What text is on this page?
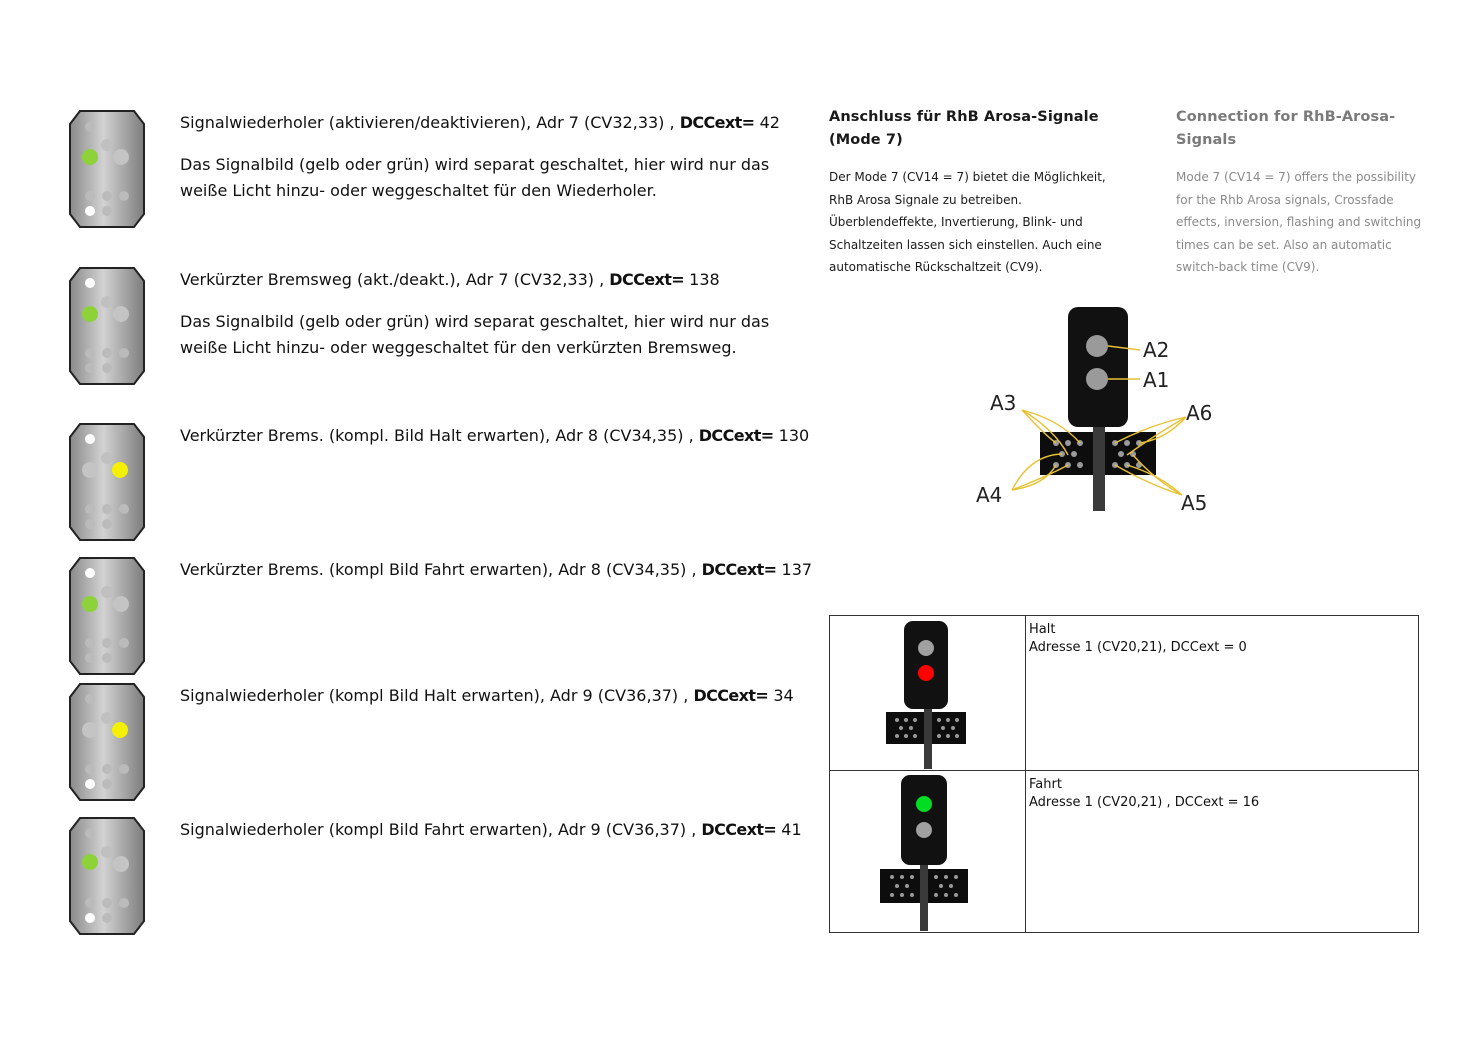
Signalwiederholer (aktivieren/deaktivieren), Adr 7 (CV32,33) , DCCext= 42
Das Signalbild (gelb oder grün) wird separat geschaltet, hier wird nur das weiße Licht hinzu- oder weggeschaltet für den Wiederholer.
Verkürzter Bremsweg (akt./deakt.), Adr 7 (CV32,33) , DCCext= 138
Das Signalbild (gelb oder grün) wird separat geschaltet, hier wird nur das weiße Licht hinzu- oder weggeschaltet für den verkürzten Bremsweg.
Verkürzter Brems. (kompl. Bild Halt erwarten), Adr 8 (CV34,35) , DCCext= 130
Verkürzter Brems. (kompl Bild Fahrt erwarten), Adr 8 (CV34,35) , DCCext= 137
Signalwiederholer (kompl Bild Halt erwarten), Adr 9 (CV36,37) , DCCext= 34
Signalwiederholer (kompl Bild Fahrt erwarten), Adr 9 (CV36,37) , DCCext= 41
Anschluss für RhB Arosa-Signale (Mode 7)

Der Mode 7 (CV14 = 7) bietet die Möglichkeit, RhB Arosa Signale zu betreiben. Überblendeffekte, Invertierung, Blink- und Schaltzeiten lassen sich einstellen. Auch eine automatische Rückschaltzeit (CV9).

Connection for RhB-Arosa-Signals

Mode 7 (CV14 = 7) offers the possibility for the Rhb Arosa signals, Crossfade effects, inversion, flashing and switching times can be set. Also an automatic switch-back time (CV9).

A2
A1
A3	A6
A4	A5
Halt
Adresse 1 (CV20,21), DCCext = 0
Fahrt
Adresse 1 (CV20,21) , DCCext = 16
